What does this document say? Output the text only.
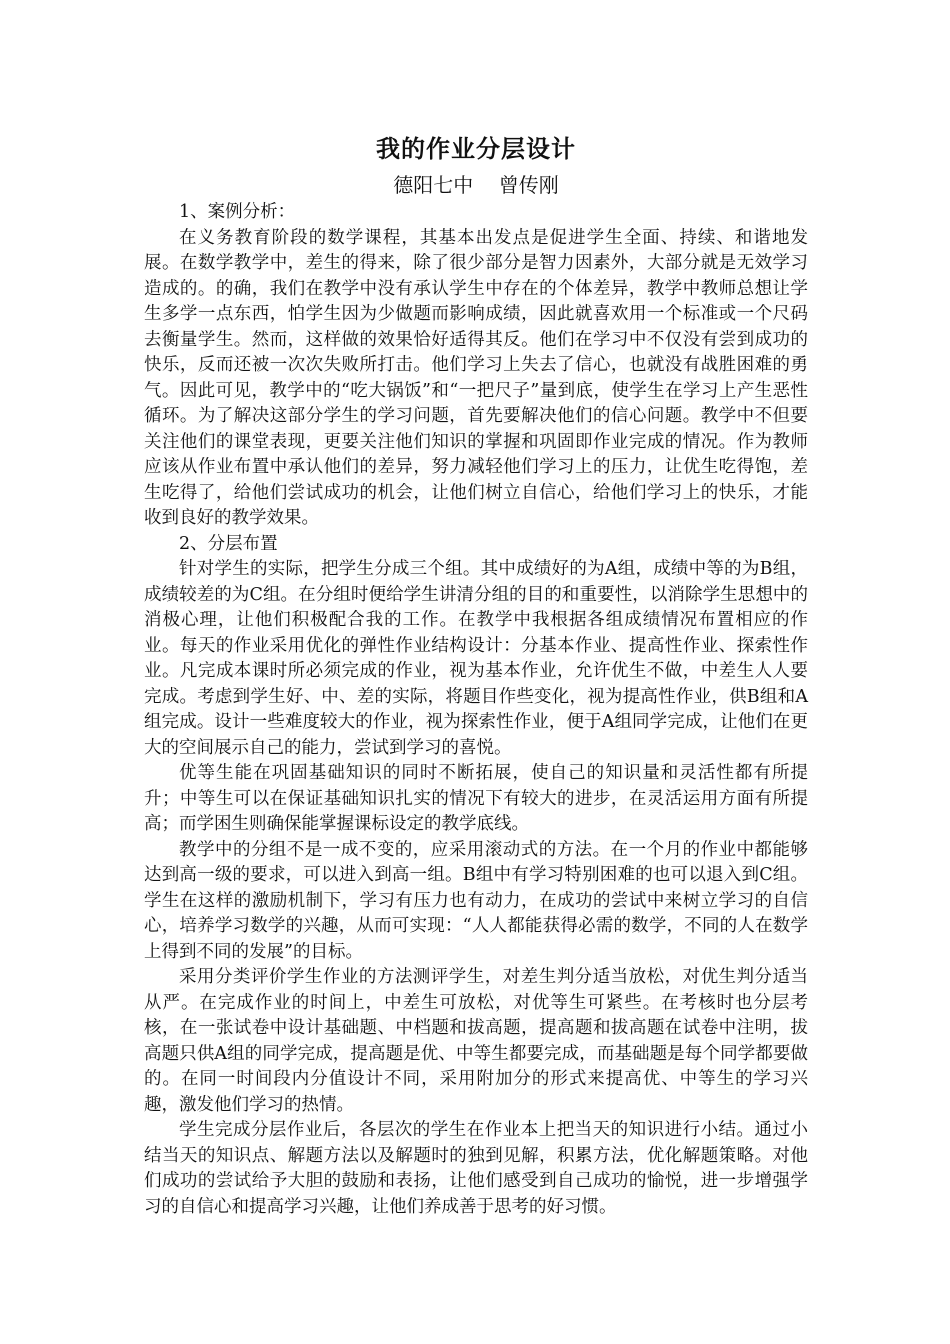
我的作业分层设计

德阳七中    曾传刚

1、案例分析：

在义务教育阶段的数学课程，其基本出发点是促进学生全面、持续、和谐地发展。在数学教学中，差生的得来，除了很少部分是智力因素外，大部分就是无效学习造成的。的确，我们在教学中没有承认学生中存在的个体差异，教学中教师总想让学生多学一点东西，怕学生因为少做题而影响成绩，因此就喜欢用一个标准或一个尺码去衡量学生。然而，这样做的效果恰好适得其反。他们在学习中不仅没有尝到成功的快乐，反而还被一次次失败所打击。他们学习上失去了信心，也就没有战胜困难的勇气。因此可见，教学中的“吃大锅饭”和“一把尺子”量到底，使学生在学习上产生恶性循环。为了解决这部分学生的学习问题，首先要解决他们的信心问题。教学中不但要关注他们的课堂表现，更要关注他们知识的掌握和巩固即作业完成的情况。作为教师应该从作业布置中承认他们的差异，努力减轻他们学习上的压力，让优生吃得饱，差生吃得了，给他们尝试成功的机会，让他们树立自信心，给他们学习上的快乐，才能收到良好的教学效果。

2、分层布置

针对学生的实际，把学生分成三个组。其中成绩好的为A组，成绩中等的为B组，成绩较差的为C组。在分组时便给学生讲清分组的目的和重要性，以消除学生思想中的消极心理，让他们积极配合我的工作。在教学中我根据各组成绩情况布置相应的作业。每天的作业采用优化的弹性作业结构设计：分基本作业、提高性作业、探索性作业。凡完成本课时所必须完成的作业，视为基本作业，允许优生不做，中差生人人要完成。考虑到学生好、中、差的实际，将题目作些变化，视为提高性作业，供B组和A组完成。设计一些难度较大的作业，视为探索性作业，便于A组同学完成，让他们在更大的空间展示自己的能力，尝试到学习的喜悦。

优等生能在巩固基础知识的同时不断拓展，使自己的知识量和灵活性都有所提升；中等生可以在保证基础知识扎实的情况下有较大的进步，在灵活运用方面有所提高；而学困生则确保能掌握课标设定的教学底线。

教学中的分组不是一成不变的，应采用滚动式的方法。在一个月的作业中都能够达到高一级的要求，可以进入到高一组。B组中有学习特别困难的也可以退入到C组。学生在这样的激励机制下，学习有压力也有动力，在成功的尝试中来树立学习的自信心，培养学习数学的兴趣，从而可实现：“人人都能获得必需的数学，不同的人在数学上得到不同的发展”的目标。

采用分类评价学生作业的方法测评学生，对差生判分适当放松，对优生判分适当从严。在完成作业的时间上，中差生可放松，对优等生可紧些。在考核时也分层考核，在一张试卷中设计基础题、中档题和拔高题，提高题和拔高题在试卷中注明，拔高题只供A组的同学完成，提高题是优、中等生都要完成，而基础题是每个同学都要做的。在同一时间段内分值设计不同，采用附加分的形式来提高优、中等生的学习兴趣，激发他们学习的热情。

学生完成分层作业后，各层次的学生在作业本上把当天的知识进行小结。通过小结当天的知识点、解题方法以及解题时的独到见解，积累方法，优化解题策略。对他们成功的尝试给予大胆的鼓励和表扬，让他们感受到自己成功的愉悦，进一步增强学习的自信心和提高学习兴趣，让他们养成善于思考的好习惯。
